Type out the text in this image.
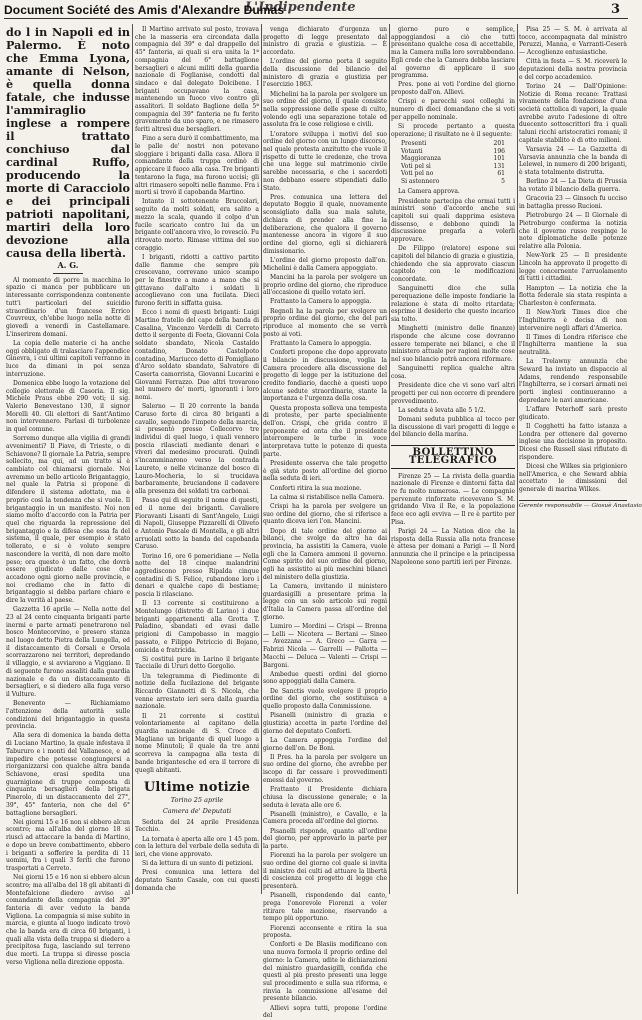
Document Société des Amis d'Alexandre Dumas
L'Indipendente	3

do l in Napoli ed in Palermo. È noto che Emma Lyona, amante di Nelson, è quella donna fatale, che indusse l'ammiraglio inglese a rompere il trattato conchiuso dal cardinal Ruffo, producendo la morte di Caracciolo e dei principali patrioti napolitani, martiri della loro devozione alla causa della libertà.

A. G.

Al momento di porre in macchina lo spazio ci manca per pubblicare un interessante corrispondenza contenente tutt'i particolari del suicidio straordinario d'un francese Errico Couvreux, ch'ebbe luogo nella notte di giovedì a venerdì in Castellamare. L'inserirem domani.

La copia delle materie ci ha anche oggi obbligato di tralasciare l'appendice Ginevra, i cui ultimi capitoli verranno in luce da dimani in poi senza interruzione.

Domenica ebbe luogo la votazione del collegio elettorale di Casoria. Il sig. Michele Praus ebbe 290 voti; il sig. Valerio Benevestano 130, il signor Morelli 40. Gli elettori di Sant'Antimo non intervennero. Parlasi di turbolenze in quel comune.

Sorremo dunque alla vigilia di grandi avvenimenti? Il Piave, di Trieste, o di Schiavone? Il giornale La Patria, sempre sollecito, ma qui, ad un tratto si è cambiato col chiamarsi giornale. Noi avremmo un bello articolo Brigantaggio, nel quale la Patria si propone di difendere il sistema adottato, ma è proprio così la tendenza che si vuole. Il brigantaggio in un manifesto. Noi non siamo molto d'accordo con la Patria per quel che riguarda la repressione del brigantaggio e la difesa che essa fa del sistema, il quale, per esempio è stato tollerato, e si è voluto sempre nascondere la verità, di non dare molto peso; ora questo è un fatto, che dovrà essere giudicato dalle cose che accadono ogni giorno nelle provincie, e noi crediamo che in fatto di brigantaggio si debba parlare chiaro e dire la verità al paese.

Gazzetta 16 aprile — Nella notte del 23 al 24 cento cinquanta briganti parte inermi e parte armati penetrarono nel bosco Montecorvino, e presero stanza nel luogo detto Pietra della Lungella, ed il distaccamento di Corsali e Orsola scorrazzarono nei territori, depredando il villaggio, e si avviarono a Viggiano. Il di seguente furono assaliti dalla guardia nazionale e da un distaccamento di bersaglieri, e si diedero alla fuga verso il Vulture.

Benevento — Richiamiamo l'attenzione della autorità sulle condizioni del brigantaggio in questa provincia.

Alla sera di domenica la banda detta di Luciano Martino, la quale infestava il Tabururo e i monti del Vallanesce, e ad impedire che potesse congiungersi a riorganizzarsi con qualche altra banda Schiavone, erasi spedita una guarnigione di truppe composta di cinquanta bersaglieri della brigata Pinerolo, di un distaccamento del 27°, 39°, 45° fanteria, non che del 6° battaglione bersaglieri.

Nei giorni 15 e 16 non si ebbero alcun scontro; ma all'alba del giorno 18 si riuscì ad attaccare la banda di Martino, e dopo un breve combattimento, ebbero i briganti a sofferire la perdita di 11 uomini, fra i quali 3 feriti che furono trasportati a Cerreto.

Nei giorni 15 e 16 non si ebbero alcun scontro; ma all'alba del 18 gli abitanti di Montefalcione diedero avviso al comandante della compagnia del 39° fanteria di aver veduto la banda Vigliona. La compagnia si mise subito in marcia, e giunta al luogo indicato trovò che la banda era di circa 60 briganti, i quali alla vista della truppa si diedero a precipitosa fuga, lasciando sul terreno due morti. La truppa si diresse poscia verso Vigliona nella direzione opposta.

Il Martino arrivato sul posto, trovava che la masseria era circondata dalla compagnia del 39° e dal drappello del 45° fanteria, ai quali si era unita la 1ª compagnia del 6° battaglione bersaglieri e alcuni militi della guardia nazionale di Foglianise, condotti dal sindaco e dal delegato Dolcibene. I briganti occupavano la casa, mantenendo un fuoco vivo contro gli assalitori. Il soldato Baglione della 5ª compagnia del 39° fanteria ne fu ferito gravemente da uno sparo, e ne rimasero feriti altresì due bersaglieri.

Fino a sera durò il combattimento, ma le palle de' nostri non potevano sloggiare i briganti dalla casa. Allora il comandante della truppa ordinò di appiccare il fuoco alla casa. Tre briganti tentarono la fuga, ma furono uccisi; gli altri rimasero sepolti nelle fiamme. Fra i morti si trovò il capobanda Martino.

Intanto il sottotenente Bruccolari, seguito da molti soldati, era salito a mezzo la scala, quando il colpo d'un fucile scaricato contro lui da un brigante coll'ancora vivo, lo rovesciò. Fu ritrovato morto. Rimase vittima del suo coraggio.

I briganti, ridotti a cattivo partito dalle fiamme che sempre più crescevano, correvano unico scampo per le finestre a mano a mano che si gittavano dall'alto i soldati li accoglievano con una fucilata. Dieci furono feriti in siffatta guisa.

Ecco i nomi di questi briganti: Luigi Martino fratello del capo della banda di Casalina, Vincenzo Verdelli di Cerreto detto il sergente di Foeta, Giovanni Cola soldato sbandato, Nicola Castaldo contadino, Donato Castelpoto contadino, Mariucco detto di Pomigliano d'Arco soldato sbandato, Salvatore di Caserta camorrista, Giovanni Lucarini e Giovanni Ferrazzo. Due altri trovarono nel numero de' morti, ignoranti i loro nomi.

Salerno — Il 20 corrente la banda Caruso forte di circa 80 briganti a cavallo, seguendo l'impeto della marcia, si presentò presso Collecorvo tre individui di quel luogo, i quali vennero poscia rilasciati mediante denari e viveri dal medesimo procurati. Quindi s'incamminarono verso la contrada Laureto, e nelle vicinanze del bosco di Lauro-Mocheria, lo si trucidava barbaramente, bruciandone il cadavere alla presenza dei soldati tra carbonai.

Passo qui di seguito il nome di questi, ed il nome dei briganti. Cavaliere Fioravanti Lisanti di Sant'Angelo, Luigi di Napoli, Giuseppe Pizzarelli di Oliveto e Antonio Pascale di Montella, e gli altri arruolati sotto la banda del capobanda Caruso.

Torino 16, ore 6 pomeridiane — Nella notte del 18 cinque malandrini aggrediscono presso Ripalda cinque contadini di S. Felice, rubandone loro i denari e qualche capo di bestiame; poscia li rilasciano.

Il 13 corrente si costituirono a Montelungo (distretto di Larino) i due briganti appartenenti alla Grotta T. Paladino, sbandati ed evasi dalle prigioni di Campobasso in maggio passato, e Filippo Petriccio di Bojano, omicida e fratricida.

Si costituì pure in Larino il brigante Tacciaile di Ururi detto Gorgolio.

Un telegramma di Piedimonte di notizie della fucilazione del brigante Riccardo Giannotti di S. Nicola, che venne arrestato ieri sera dalla guardia nazionale.

Il 21 corrente si costituì volontariamente al capitano della guardia nazionale di S. Croce di Magliano un brigante di quel luogo a nome Minutoli; il quale da tre anni scorreva la campagna alla testa di bande brigantesche ed era il terrore di quegli abitanti.

Ultime notizie
Torino 25 aprile
Camera de' Deputati

Seduta del 24 aprile Presidenza Tecchio.

La tornata è aperta alle ore 1 45 pom. con la lettura del verbale della seduta di ieri, che viene approvato.

Si da lettura di un sunto di petizioni.

Presi comunica una lettera del deputato Santo Casale, con cui questi domanda che

venga dichiarato d'urgenza un progetto di legge presentato dal ministro di grazia e giustizia. — È accordato.

L'ordine del giorno porta il seguito della discussione del bilancio del ministero di grazia e giustizia per l'esercizio 1863.

Michelini ha la parola per svolgere un suo ordine del giorno, il quale consiste nella soppressione delle spese di culto, volendo egli una separazione totale ed assoluta fra le cose religiose e civili.

L'oratore sviluppa i motivi del suo ordine del giorno con un lungo discorso, nel quale protesta anzitutto che vuole il rispetto di tutte le credenze, che trova che una legge sul matrimonio civile sarebbe necessaria, e che i sacerdoti non debbano essere stipendiati dallo Stato.

Pres. comunica una lettera del deputato Boggio il quale, nuovamente sconsigliato dalla sua mala salute, dichiara di prender alla fine la deliberazione, che qualora il governo mantenesse ancora in vigore il suo ordine del giorno, egli si dichiarerà dimissionario.

L'ordine del giorno proposto dall'on. Michelini è dalla Camera appoggiato.

Mancini ha la parola per svolgere un proprio ordine del giorno, che riproduce all'occasione di quello votato ieri.

Frattanto la Camera lo appoggia.

Regnoli ha la parola per svolgere un proprio ordine del giorno, che del pari riproduce al momento che se verrà posto ai voti.

Frattanto la Camera lo appoggia.

Conforti propone che dopo approvato il bilancio in discussione, voglia la Camera procedere alla discussione del progetto di legge per la istituzione del credito fondiario, dacchè a questi uopo alcune sedute straordinarie, stante la importanza e l'urgenza della cosa.

Questa proposta solleva una tempesta di proteste, per parte specialmente dell'on. Crispi, che grida contro il proponente ed onta che il presidente interrompere le turbe in voce interpretava tutte le potenze di questa parte.

Presidente osserva che tale progetto è già stato posto all'ordine del giorno nella seduta di ieri.

Conforti ritira la sua mozione.

La calma si ristabilisce nella Camera.

Crispi ha la parola per svolgere un suo ordine del giorno, che si riferisce a quanto diceva ieri l'on. Mancini.

Dopo di tale ordine del giorno ai bilanci, che svolge da altro ha dai provincia, ha assistiti la Camera, vuole egli che la Camera ammoni il governo. Come spirito del suo ordine del giorno, egli ha assistito ai più meschini bilanci del ministero della giustizia.

La Camera, invitando il ministero guardasigilli a presentare prima la legge con un solo articolo sui regnì d'Italia la Camera passa all'ordine del giorno.

Lumiro — Mordini — Crispi — Brenna — Lelli — Nicotera — Bertani — Sineo — Avezzana — A. Greco — Garra — Fabrizi Nicola — Garrelli — Pallotta — Macchi — Deluca — Valenti — Crispi — Bargoni.

Ambedue questi ordini del giorno sono appoggiati dalla Camera.

De Sanctis vuole svolgere il proprio ordine del giorno, che sostituisca a quello proposto dalla Commissione.

Pisanelli (ministro di grazia e giustizia) accetta in parte l'ordine del giorno del deputato Conforti.

La Camera appoggia l'ordine del giorno dell'on. De Boni.

Il Pres. ha la parola per svolgere un suo ordine del giorno, che avrebbe per iscopo di far cessare i provvedimenti emessi dal governo.

Frattanto il Presidente dichiara chiusa la discussione generale; e la seduta è levata alle ore 6.

Pisanelli (ministro), e Cavallo, e la Camera proceda all'ordine del giorno.

Pisanelli risponde, quanto all'ordine del giorno, per approvarlo in parte per la parte.

Fiorenzi ha la parola per svolgere un suo ordine del giorno col quale si invita il ministro dei culti ad attuare la libertà di coscienza col progetto di legge che presenterà.

Pisanelli, rispondendo dal canto, prega l'onorevole Fiorenzi a voler ritirare tale mozione, riservando a tempo più opportuno.

Fiorenzi acconsente e ritira la sua proposta.

Conforti e De Blasiis modificano con una nuova formola il proprio ordine del giorno: la Camera, udite le dichiarazioni del ministro guardasigilli, confida che questi al più presto presenti una legge sul procedimento e sulla sua riforma, e rinvia la commissione all'esame del presente bilancio.

Allievi sopra tutti, propone l'ordine del

giorno puro e semplice, appoggiandosi a ciò che tutti presentano qualche cosa di accettabile, ma la Camera nulla loro sovrabbondano. Egli crede che la Camera debba lasciare al governo di applicare il suo programma.

Pres. pone ai voti l'ordine del giorno proposto dall'on. Allievi.

Crispi e parecchi suoi colleghi in numero di dieci domandano che si voti per appello nominale.

Si procede pertanto a questa operazione; il risultato ne è il seguente:

Presenti	201
Votanti	196
Maggioranza	101
Voti pel sì	131
Voti pel no	61
Si astennero	5

La Camera approva.

Presidente partecipa che ormai tutti i ministri sono d'accordo anche sui capitoli sui quali dapprima esisteva dissenso, e debbono quindi la discussione pregarla a volerli approvare.

De Filippo (relatore) espone sui capitoli del bilancio di grazia e giustizia, chiedendo che sia approvato ciascun capitolo con le modificazioni concordate.

Sanguinetti dice che sulla perequazione delle imposte fondiarie la relazione è stata di molto ritardata; esprime il desiderio che questo incarico sia tolto.

Minghetti (ministro delle finanze) risponde che alcune cose dovranno essere temperate nei bilanci, e che il ministero attuale per ragioni molte cose nel suo bilancio potrà ancora riformare.

Sanguinetti replica qualche altra cosa.

Presidente dice che vi sono varî altri progetti per cui non occorre di prendere provvedimento.

La seduta è levata alle 5 1/2.

Domani seduta pubblica al tocco per la discussione di vari progetti di legge e del bilancio della marina.

BOLLETTINO TELEGRAFICO

Firenze 25 — La rivista della guardia nazionale di Firenze e dintorni fatta dal re fu molto numerosa. — Le compagnie pervenute rinforzate ricevevano S. M. gridando Viva il Re, e la popolazione fece eco agli evviva — Il re è partito per Pisa.

Parigi 24 — La Nation dice che la risposta della Russia alla nota francese è attesa per domani a Parigi — Il Nord annunzia che il principe e la principessa Napoleone sono partiti ieri per Firenze.

Pisa 25 — S. M. è arrivata al tocco, accompagnata dal ministro Peruzzi, Manna, e Varranti-Ceserà — Accoglienze entusiastiche.

Città in festa — S. M. riceverà le deputazioni della nostra provincia e del corpo accademico.

Torino 24 — Dall'Opinione: Notizie di Roma recano: Trattasi vivamente della fondazione d'una società cattolica di vapori, la quale avrebbe avuto l'adesione di oltre duecento sottoscrittori fra i quali taluni ricchi aristocratici romani; il capitale stabilito è di otto milioni.

Varsavia 24 — La Gazzetta di Varsavia annunzia che la banda di Lelewel, in numero di 200 briganti, è stata totalmente distrutta.

Berlino 24 — La Dieta di Prussia ha votato il bilancio della guerra.

Gracovia 23 — Ginsoch fu ucciso in battaglia presso Rucioni.

Pietroburgo 24 — Il Giornale di Pietroburgo conferma la notizia che il governo russo respinge le note diplomatiche delle potenze relative alla Polonia.

New-York 25 — Il presidente Lincoln ha approvato il progetto di legge concernente l'arruolamento di tutti i cittadini.

Hampton — La notizia che la flotta federale sia stata respinta a Charleston è confermata.

Il New-York Times dice che l'Inghilterra è decisa di non intervenire negli affari d'America.

Il Times di Londra riferisce che l'Inghilterra mantiene la sua neutralità.

La Trelawny annunzia che Seward ha inviato un dispaccio al Adams, rendendo responsabile l'Inghilterra, se i corsari armati nei porti inglesi continueranno a depredare le navi americane.

L'affare Peterhoff sarà presto giudicato.

Il Cogghetti ha fatto istanza a Londra per ottenere dal governo inglese una decisione in proposito. Dicesi che Russell siasi rifiutato di rispondere.

Dicesi che Wilkes sia prigioniero nell'America, e che Seward abbia accettato le dimissioni del generale di marina Wilkes.

Gerente responsabile — Giosuè Anastasio
